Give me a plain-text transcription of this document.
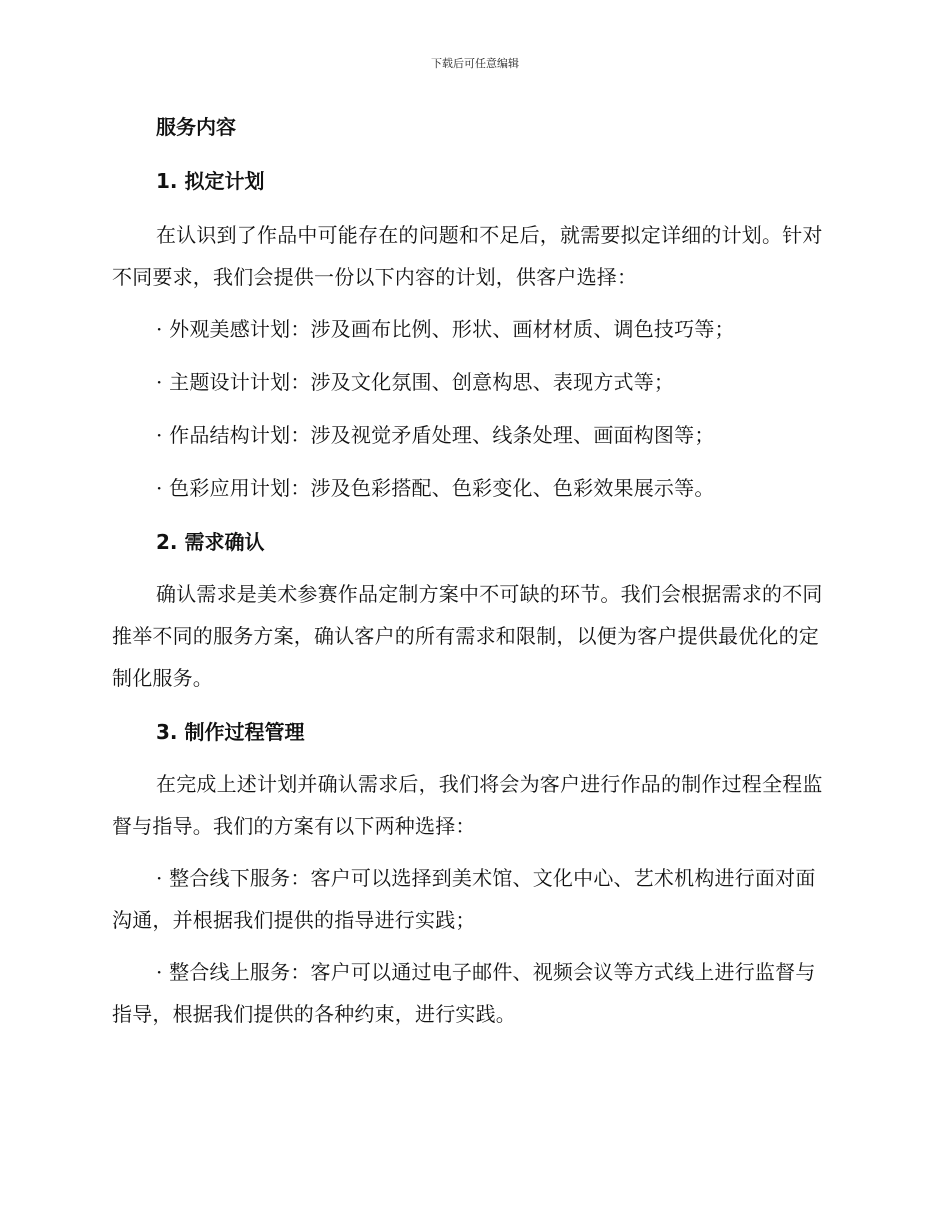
下载后可任意编辑
服务内容
1. 拟定计划

在认识到了作品中可能存在的问题和不足后，就需要拟定详细的计划。针对不同要求，我们会提供一份以下内容的计划，供客户选择：

· 外观美感计划：涉及画布比例、形状、画材材质、调色技巧等；

· 主题设计计划：涉及文化氛围、创意构思、表现方式等；

· 作品结构计划：涉及视觉矛盾处理、线条处理、画面构图等；

· 色彩应用计划：涉及色彩搭配、色彩变化、色彩效果展示等。

2. 需求确认

确认需求是美术参赛作品定制方案中不可缺的环节。我们会根据需求的不同推举不同的服务方案，确认客户的所有需求和限制，以便为客户提供最优化的定制化服务。

3. 制作过程管理

在完成上述计划并确认需求后，我们将会为客户进行作品的制作过程全程监督与指导。我们的方案有以下两种选择：

· 整合线下服务：客户可以选择到美术馆、文化中心、艺术机构进行面对面沟通，并根据我们提供的指导进行实践；

· 整合线上服务：客户可以通过电子邮件、视频会议等方式线上进行监督与指导，根据我们提供的各种约束，进行实践。
